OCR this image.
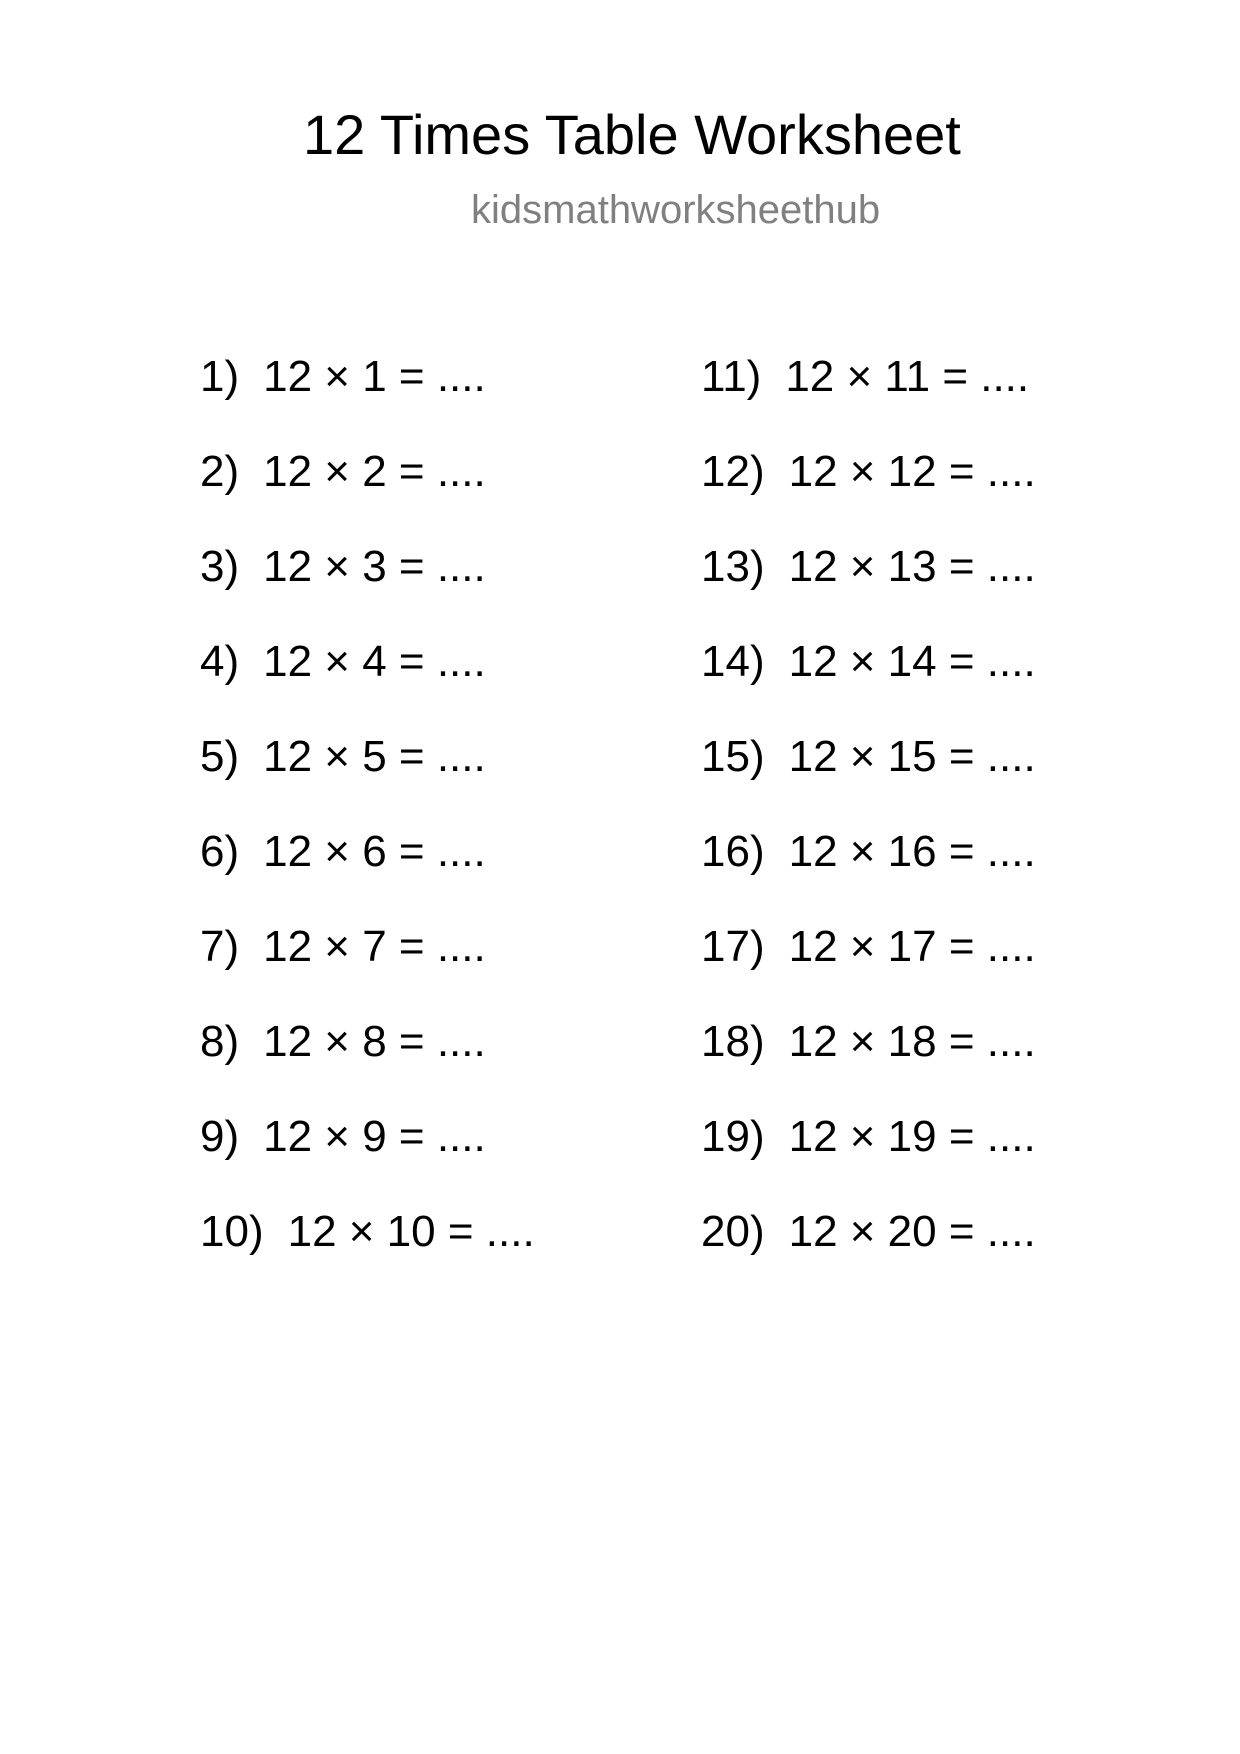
12 Times Table Worksheet
kidsmathworksheethub
1) 12 × 1 = ....
2) 12 × 2 = ....
3) 12 × 3 = ....
4) 12 × 4 = ....
5) 12 × 5 = ....
6) 12 × 6 = ....
7) 12 × 7 = ....
8) 12 × 8 = ....
9) 12 × 9 = ....
10) 12 × 10 = ....
11) 12 × 11 = ....
12) 12 × 12 = ....
13) 12 × 13 = ....
14) 12 × 14 = ....
15) 12 × 15 = ....
16) 12 × 16 = ....
17) 12 × 17 = ....
18) 12 × 18 = ....
19) 12 × 19 = ....
20) 12 × 20 = ....
